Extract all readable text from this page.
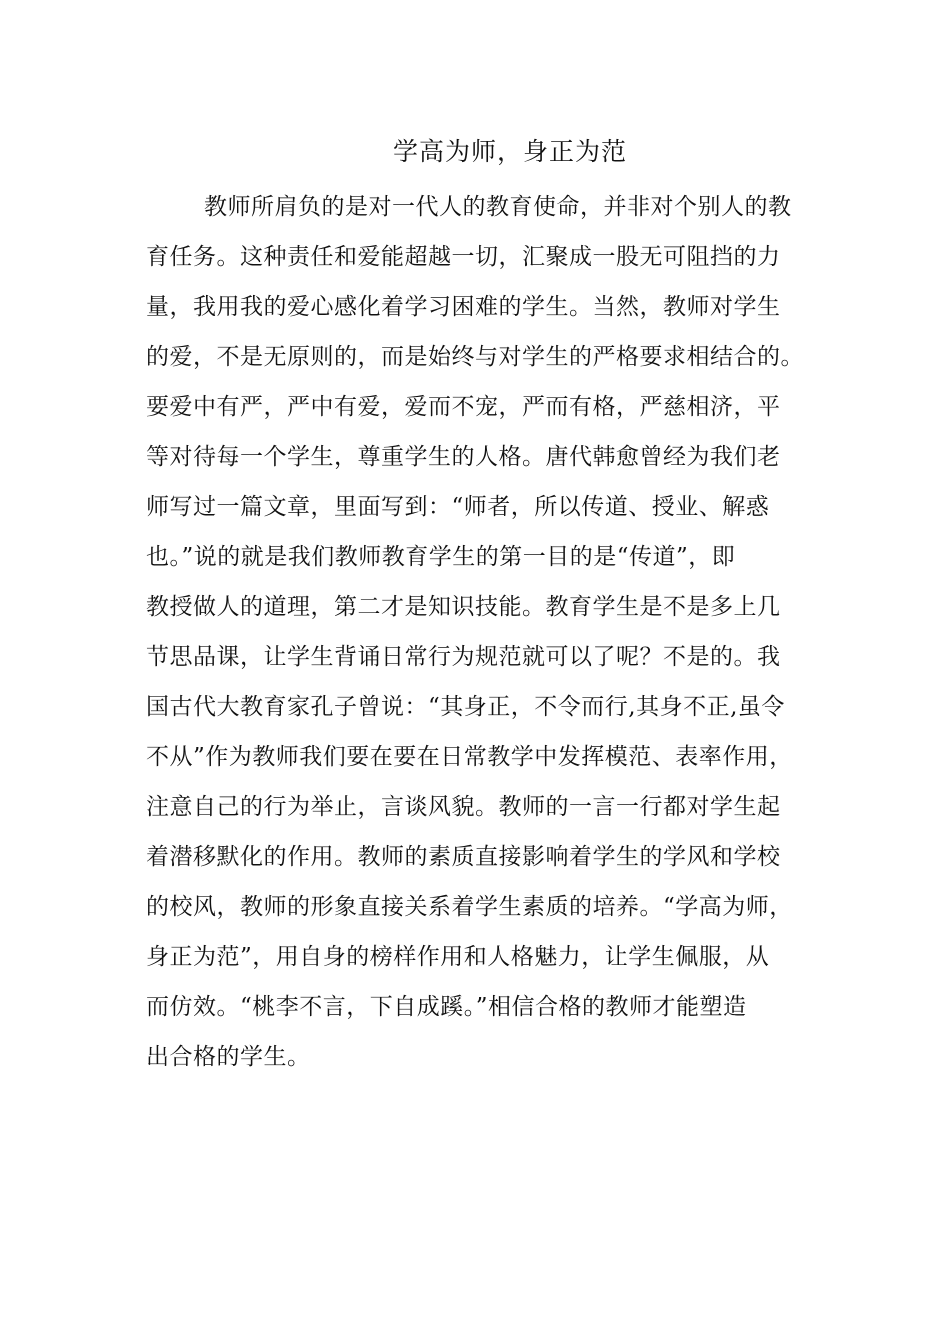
学高为师，身正为范
教师所肩负的是对一代人的教育使命，并非对个别人的教
育任务。这种责任和爱能超越一切，汇聚成一股无可阻挡的力
量，我用我的爱心感化着学习困难的学生。当然，教师对学生
的爱，不是无原则的，而是始终与对学生的严格要求相结合的。
要爱中有严，严中有爱，爱而不宠，严而有格，严慈相济，平
等对待每一个学生，尊重学生的人格。唐代韩愈曾经为我们老
师写过一篇文章，里面写到：“师者，所以传道、授业、解惑
也。”说的就是我们教师教育学生的第一目的是“传道”，即
教授做人的道理，第二才是知识技能。教育学生是不是多上几
节思品课，让学生背诵日常行为规范就可以了呢？不是的。我
国古代大教育家孔子曾说：“其身正，不令而行,其身不正,虽令
不从”作为教师我们要在要在日常教学中发挥模范、表率作用，
注意自己的行为举止，言谈风貌。教师的一言一行都对学生起
着潜移默化的作用。教师的素质直接影响着学生的学风和学校
的校风，教师的形象直接关系着学生素质的培养。“学高为师，
身正为范”，用自身的榜样作用和人格魅力，让学生佩服，从
而仿效。“桃李不言，下自成蹊。”相信合格的教师才能塑造
出合格的学生。
